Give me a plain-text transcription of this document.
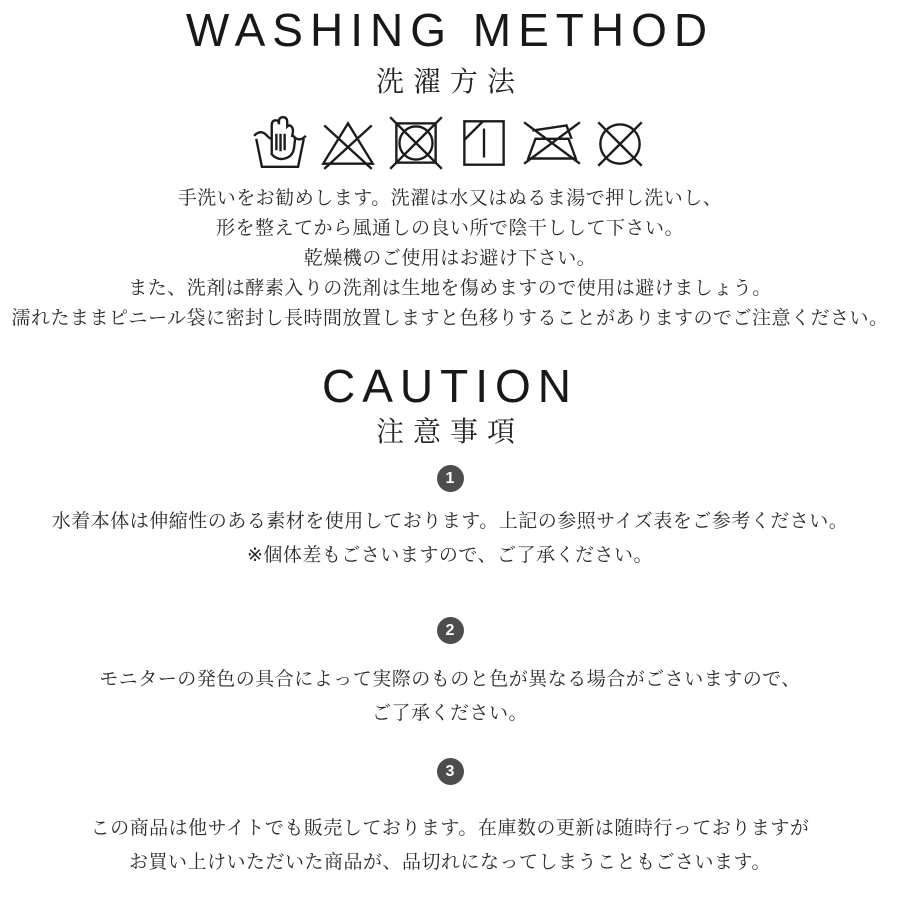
WASHING METHOD
洗濯方法
手洗いをお勧めします。洗濯は水又はぬるま湯で押し洗いし、
形を整えてから風通しの良い所で陰干しして下さい。
乾燥機のご使用はお避け下さい。
また、洗剤は酵素入りの洗剤は生地を傷めますので使用は避けましょう。
濡れたままピニール袋に密封し長時間放置しますと色移りすることがありますのでご注意ください。
CAUTION
注意事項
1
水着本体は伸縮性のある素材を使用しております。上記の参照サイズ表をご参考ください。
※個体差もごさいますので、ご了承ください。
2
モニターの発色の具合によって実際のものと色が異なる場合がごさいますので、
ご了承ください。
3
この商品は他サイトでも販売しております。在庫数の更新は随時行っておりますが
お買い上けいただいた商品が、品切れになってしまうこともごさいます。
